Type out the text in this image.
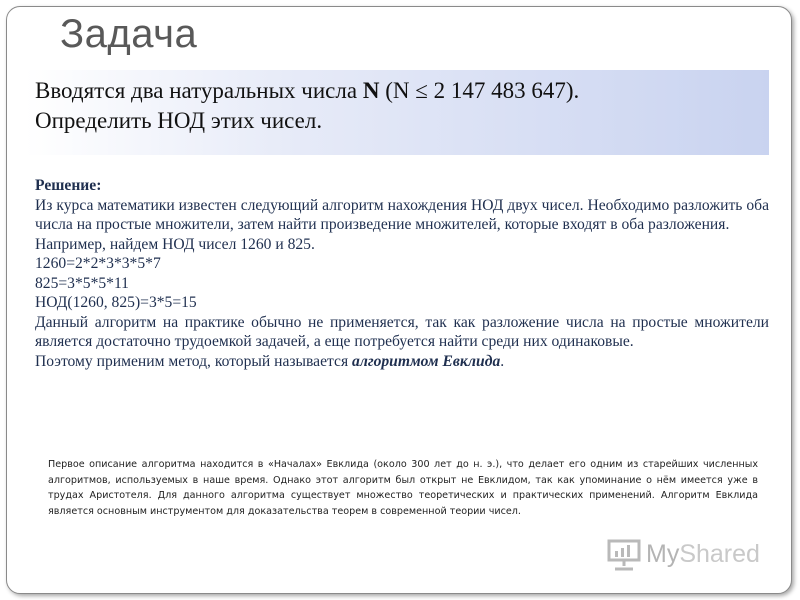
Задача
Вводятся два натуральных числа N (N ≤ 2 147 483 647).
Определить НОД этих чисел.

Решение:

Из курса математики известен следующий алгоритм нахождения НОД двух чисел. Необходимо разложить оба числа на простые множители, затем найти произведение множителей, которые входят в оба разложения.

Например, найдем НОД чисел 1260 и 825.

1260=2*2*3*3*5*7

825=3*5*5*11

НОД(1260, 825)=3*5=15

Данный алгоритм на практике обычно не применяется, так как разложение числа на простые множители является достаточно трудоемкой задачей, а еще потребуется найти среди них одинаковые.

Поэтому применим метод, который называется алгоритмом Евклида.

Первое описание алгоритма находится в «Началах» Евклида (около 300 лет до н. э.), что делает его одним из старейших численных алгоритмов, используемых в наше время. Однако этот алгоритм был открыт не Евклидом, так как упоминание о нём имеется уже в трудах Аристотеля. Для данного алгоритма существует множество теоретических и практических применений. Алгоритм Евклида является основным инструментом для доказательства теорем в современной теории чисел.
MyShared
